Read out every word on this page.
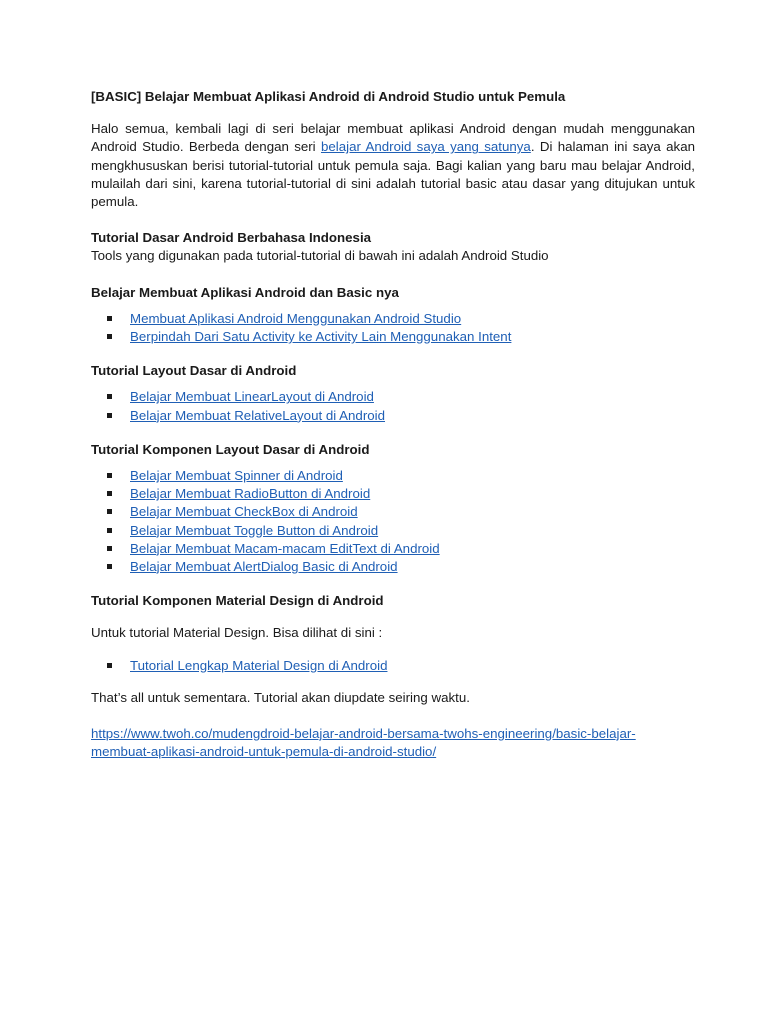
[BASIC] Belajar Membuat Aplikasi Android di Android Studio untuk Pemula

Halo semua, kembali lagi di seri belajar membuat aplikasi Android dengan mudah menggunakan Android Studio. Berbeda dengan seri belajar Android saya yang satunya. Di halaman ini saya akan mengkhususkan berisi tutorial-tutorial untuk pemula saja. Bagi kalian yang baru mau belajar Android, mulailah dari sini, karena tutorial-tutorial di sini adalah tutorial basic atau dasar yang ditujukan untuk pemula.

Tutorial Dasar Android Berbahasa Indonesia

Tools yang digunakan pada tutorial-tutorial di bawah ini adalah Android Studio

Belajar Membuat Aplikasi Android dan Basic nya

Membuat Aplikasi Android Menggunakan Android Studio
Berpindah Dari Satu Activity ke Activity Lain Menggunakan Intent

Tutorial Layout Dasar di Android

Belajar Membuat LinearLayout di Android
Belajar Membuat RelativeLayout di Android

Tutorial Komponen Layout Dasar di Android

Belajar Membuat Spinner di Android
Belajar Membuat RadioButton di Android
Belajar Membuat CheckBox di Android
Belajar Membuat Toggle Button di Android
Belajar Membuat Macam-macam EditText di Android
Belajar Membuat AlertDialog Basic di Android

Tutorial Komponen Material Design di Android

Untuk tutorial Material Design. Bisa dilihat di sini :

Tutorial Lengkap Material Design di Android

That’s all untuk sementara. Tutorial akan diupdate seiring waktu.

https://www.twoh.co/mudengdroid-belajar-android-bersama-twohs-engineering/basic-belajar-
membuat-aplikasi-android-untuk-pemula-di-android-studio/
